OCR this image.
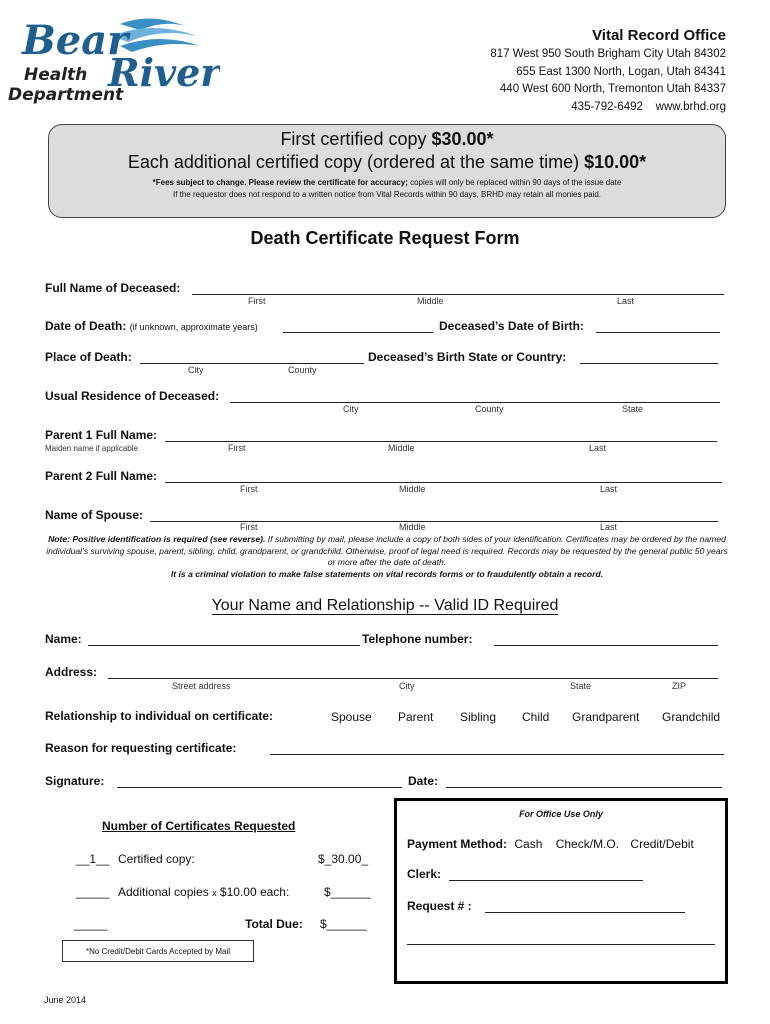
Bear
River
Health
Department
Vital Record Office
817 West 950 South Brigham City Utah 84302
655 East 1300 North, Logan, Utah 84341
440 West 600 North, Tremonton Utah 84337
435-792-6492    www.brhd.org
First certified copy $30.00*
Each additional certified copy (ordered at the same time) $10.00*
*Fees subject to change. Please review the certificate for accuracy; copies will only be replaced within 90 days of the issue date
If the requestor does not respond to a written notice from Vital Records within 90 days, BRHD may retain all monies paid.
Death Certificate Request Form
Full Name of Deceased:
First	Middle	Last
Date of Death: (if unknown, approximate years)	Deceased’s Date of Birth:
Place of Death:
City	County
Deceased’s Birth State or Country:
Usual Residence of Deceased:
City	County	State
Parent 1 Full Name:
Maiden name if applicable	First	Middle	Last
Parent 2 Full Name:
First	Middle	Last
Name of Spouse:
First	Middle	Last
Note: Positive identification is required (see reverse). If submitting by mail, please include a copy of both sides of your identification. Certificates may be ordered by the named individual’s surviving spouse, parent, sibling, child, grandparent, or grandchild. Otherwise, proof of legal need is required. Records may be requested by the general public 50 years or more after the date of death.
It is a criminal violation to make false statements on vital records forms or to fraudulently obtain a record.
Your Name and Relationship -- Valid ID Required
Name:	Telephone number:
Address:
Street address	City	State	ZIP
Relationship to individual on certificate:	Spouse Parent Sibling Child Grandparent Grandchild
Reason for requesting certificate:
Signature:	Date:
Number of Certificates Requested
__1__ Certified copy:	$_30.00_
_____ Additional copies x $10.00 each:	$______
_____	Total Due: $______
*No Credit/Debit Cards Accepted by Mail
For Office Use Only
Payment Method: Cash Check/M.O. Credit/Debit
Clerk:
Request # :
June 2014
